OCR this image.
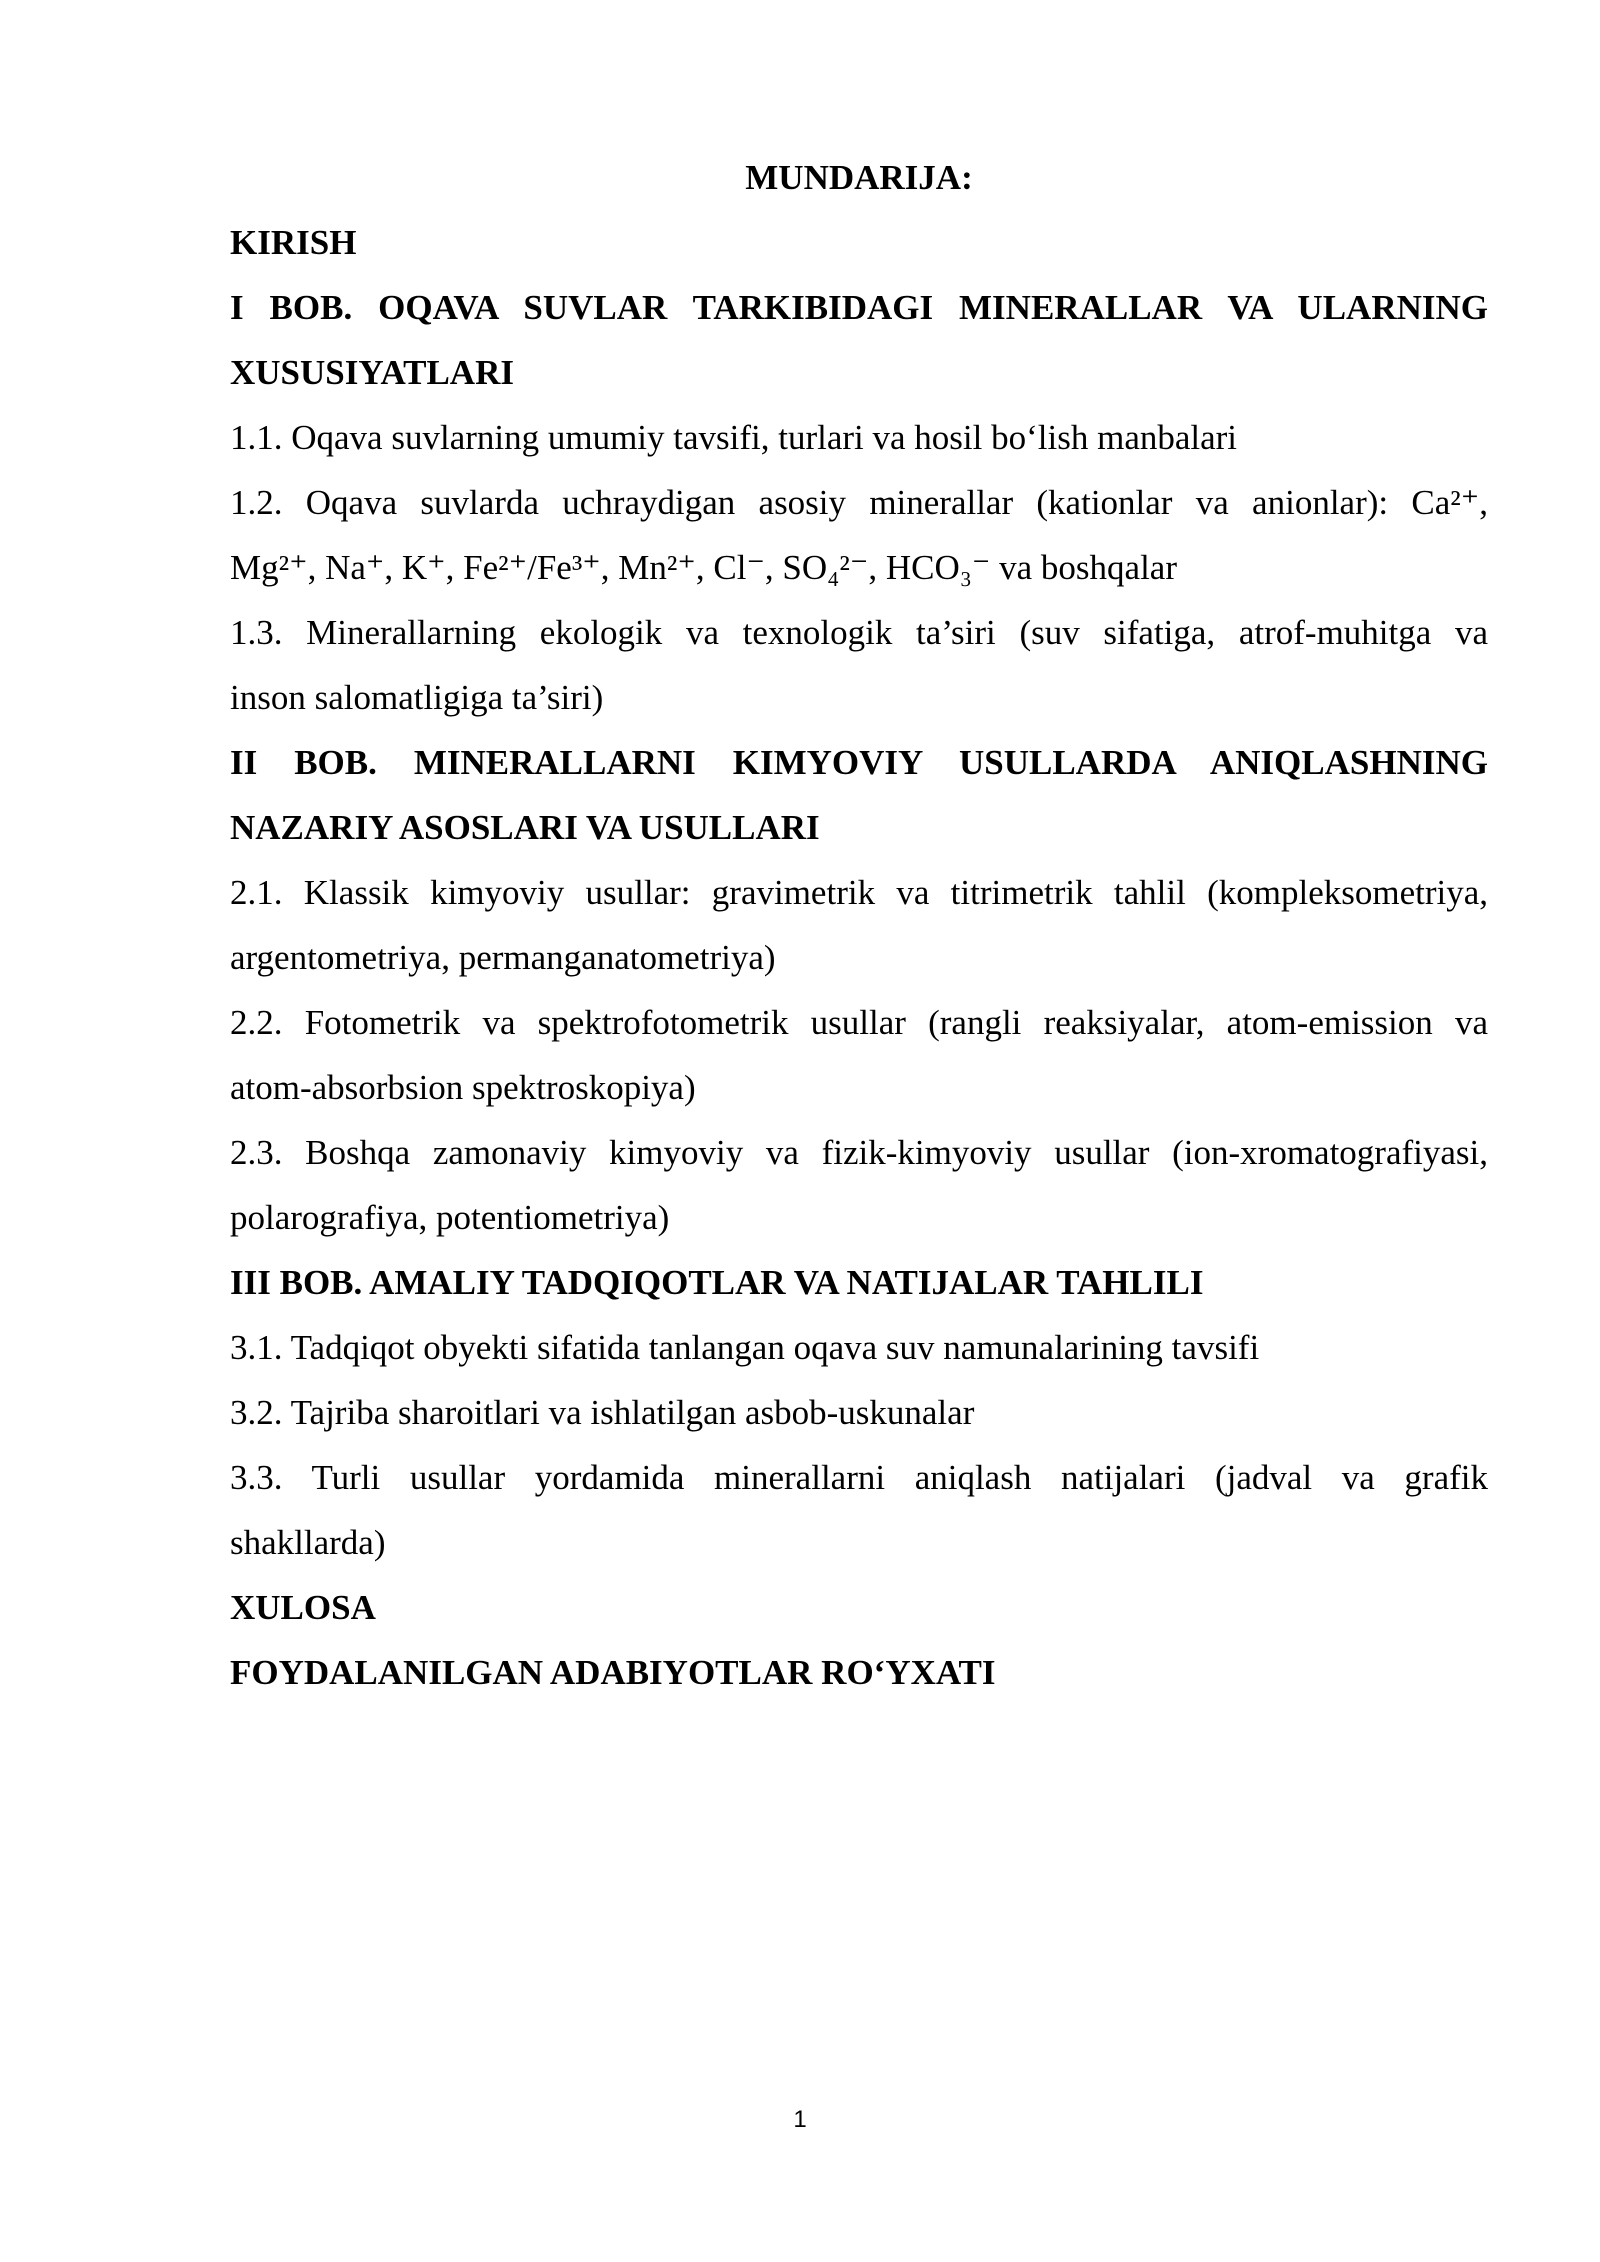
MUNDARIJA:
KIRISH
I BOB. OQAVA SUVLAR TARKIBIDAGI MINERALLAR VA ULARNING
XUSUSIYATLARI
1.1. Oqava suvlarning umumiy tavsifi, turlari va hosil bo‘lish manbalari
1.2. Oqava suvlarda uchraydigan asosiy minerallar (kationlar va anionlar): Ca²⁺,
Mg²⁺, Na⁺, K⁺, Fe²⁺/Fe³⁺, Mn²⁺, Cl⁻, SO₄²⁻, HCO₃⁻ va boshqalar
1.3. Minerallarning ekologik va texnologik ta’siri (suv sifatiga, atrof-muhitga va
inson salomatligiga ta’siri)
II BOB. MINERALLARNI KIMYOVIY USULLARDA ANIQLASHNING
NAZARIY ASOSLARI VA USULLARI
2.1. Klassik kimyoviy usullar: gravimetrik va titrimetrik tahlil (kompleksometriya,
argentometriya, permanganatometriya)
2.2. Fotometrik va spektrofotometrik usullar (rangli reaksiyalar, atom-emission va
atom-absorbsion spektroskopiya)
2.3. Boshqa zamonaviy kimyoviy va fizik-kimyoviy usullar (ion-xromatografiyasi,
polarografiya, potentiometriya)
III BOB. AMALIY TADQIQOTLAR VA NATIJALAR TAHLILI
3.1. Tadqiqot obyekti sifatida tanlangan oqava suv namunalarining tavsifi
3.2. Tajriba sharoitlari va ishlatilgan asbob-uskunalar
3.3. Turli usullar yordamida minerallarni aniqlash natijalari (jadval va grafik
shakllarda)
XULOSA
FOYDALANILGAN ADABIYOTLAR RO‘YXATI
1
